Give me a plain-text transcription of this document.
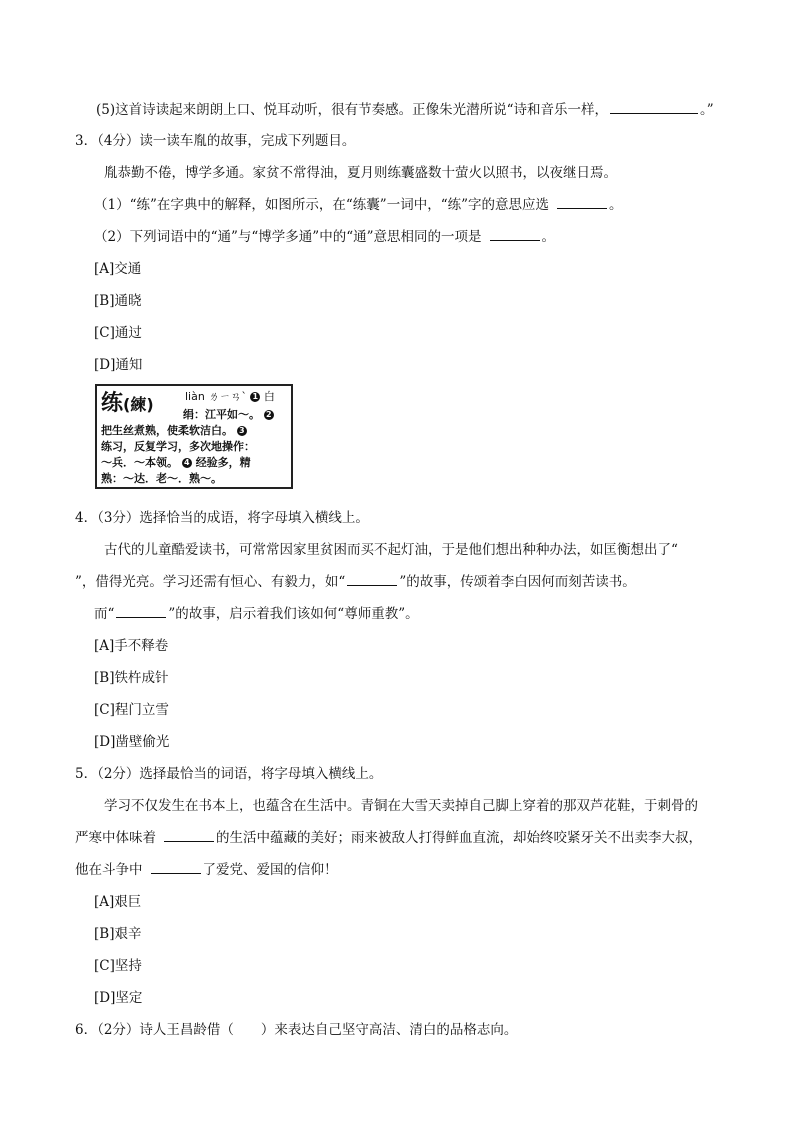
(5)这首诗读起来朗朗上口、悦耳动听，很有节奏感。正像朱光潜所说“诗和音乐一样，	。”
3．（4分）读一读车胤的故事，完成下列题目。
胤恭勤不倦，博学多通。家贫不常得油，夏月则练囊盛数十萤火以照书，以夜继日焉。
（1）“练”在字典中的解释，如图所示，在“练囊”一词中，“练”字的意思应选	。
（2）下列词语中的“通”与“博学多通”中的“通”意思相同的一项是	。
[A]交通
[B]通晓
[C]通过
[D]通知
练(練)	liàn ㄌㄧㄢˋ 1 白
绢：江平如～。 2
把生丝煮熟，使柔软洁白。 3
练习，反复学习，多次地操作：
～兵．～本领。 4 经验多，精
熟：～达．老～．熟～。
4．（3分）选择恰当的成语，将字母填入横线上。
古代的儿童酷爱读书，可常常因家里贫困而买不起灯油，于是他们想出种种办法，如匡衡想出了“
”，借得光亮。学习还需有恒心、有毅力，如“	”的故事，传颂着李白因何而刻苦读书。
而“	”的故事，启示着我们该如何“尊师重教”。
[A]手不释卷
[B]铁杵成针
[C]程门立雪
[D]凿壁偷光
5．（2分）选择最恰当的词语，将字母填入横线上。
学习不仅发生在书本上，也蕴含在生活中。青铜在大雪天卖掉自己脚上穿着的那双芦花鞋，于刺骨的
严寒中体味着	的生活中蕴藏的美好；雨来被敌人打得鲜血直流，却始终咬紧牙关不出卖李大叔，
他在斗争中	了爱党、爱国的信仰！
[A]艰巨
[B]艰辛
[C]坚持
[D]坚定
6．（2分）诗人王昌龄借（　　）来表达自己坚守高洁、清白的品格志向。
